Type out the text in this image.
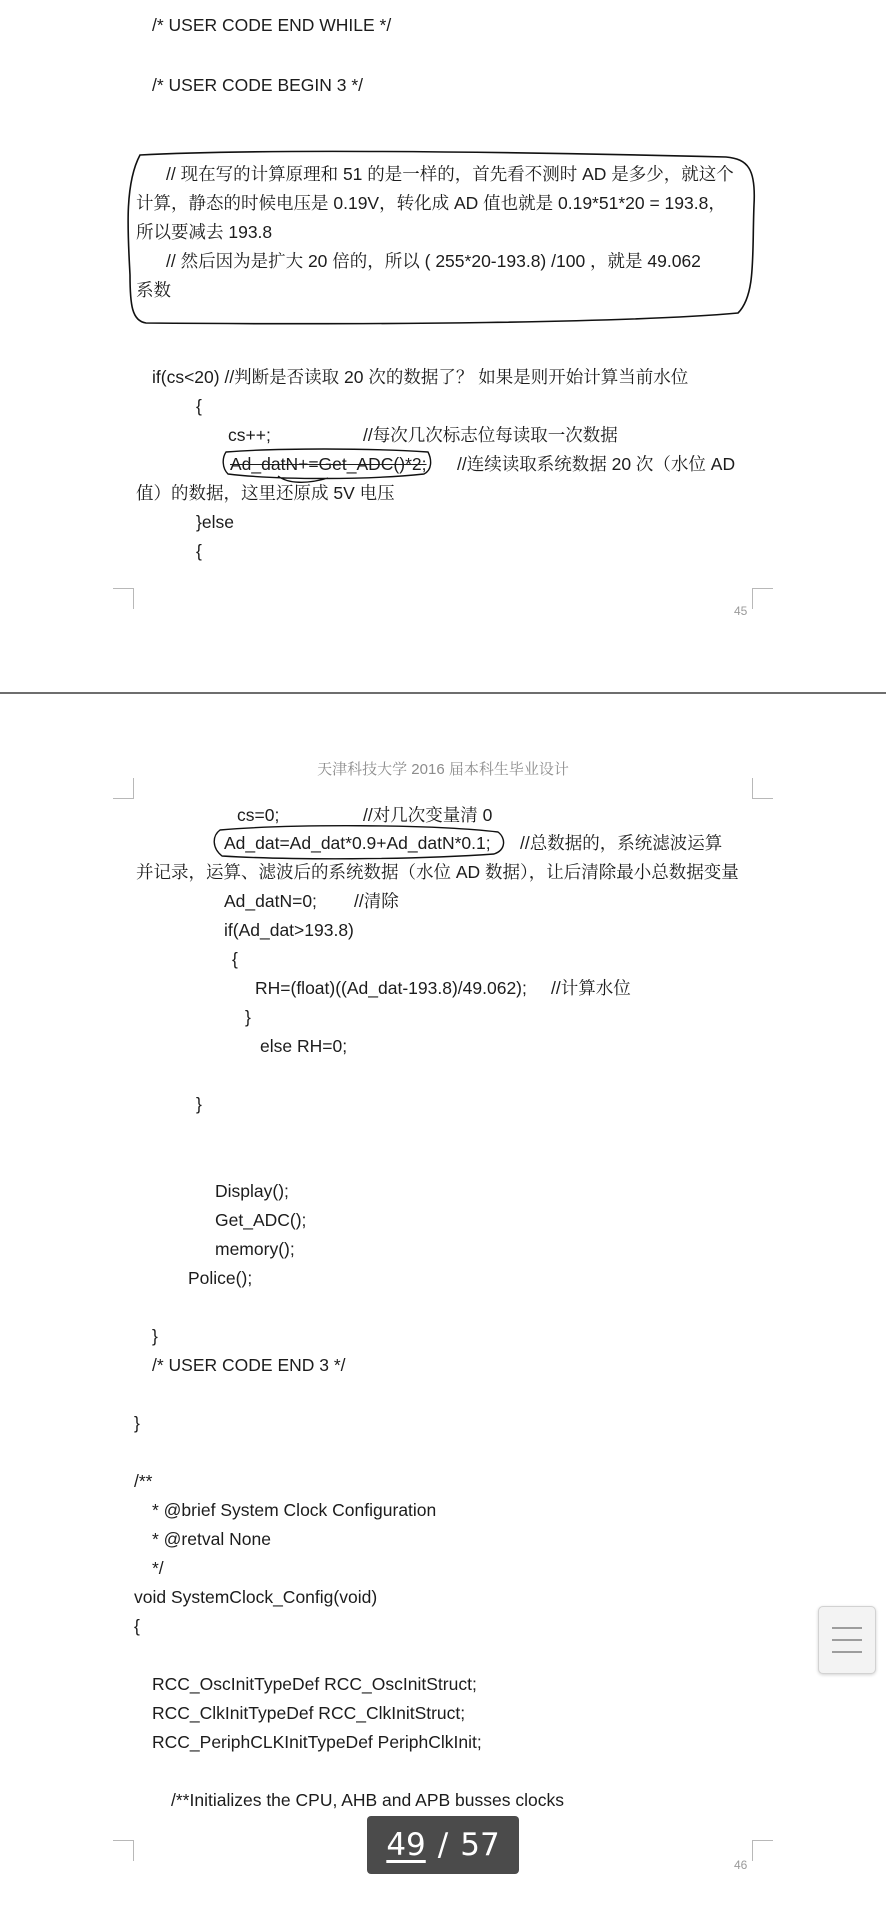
/* USER CODE END WHILE */
/* USER CODE BEGIN 3 */
// 现在写的计算原理和 51 的是一样的，首先看不测时 AD 是多少，就这个
计算，静态的时候电压是 0.19V，转化成 AD 值也就是 0.19*51*20 = 193.8，
所以要减去 193.8
// 然后因为是扩大 20 倍的，所以 ( 255*20-193.8) /100 ，就是 49.062
系数
if(cs<20) //判断是否读取 20 次的数据了？ 如果是则开始计算当前水位
{
cs++;	//每次几次标志位每读取一次数据
Ad_datN+=Get_ADC()*2; //连续读取系统数据 20 次（水位 AD
值）的数据，这里还原成 5V 电压
}else
{
45
天津科技大学 2016 届本科生毕业设计
cs=0;	//对几次变量清 0
Ad_dat=Ad_dat*0.9+Ad_datN*0.1; //总数据的，系统滤波运算
并记录，运算、滤波后的系统数据（水位 AD 数据），让后清除最小总数据变量
Ad_datN=0; //清除
if(Ad_dat>193.8)
{
RH=(float)((Ad_dat-193.8)/49.062); //计算水位
}
else RH=0;
}
Display();
Get_ADC();
memory();
Police();
}
/* USER CODE END 3 */
}
/**
* @brief System Clock Configuration
* @retval None
*/
void SystemClock_Config(void)
{
RCC_OscInitTypeDef RCC_OscInitStruct;
RCC_ClkInitTypeDef RCC_ClkInitStruct;
RCC_PeriphCLKInitTypeDef PeriphClkInit;
/**Initializes the CPU, AHB and APB busses clocks
46
49 / 57
